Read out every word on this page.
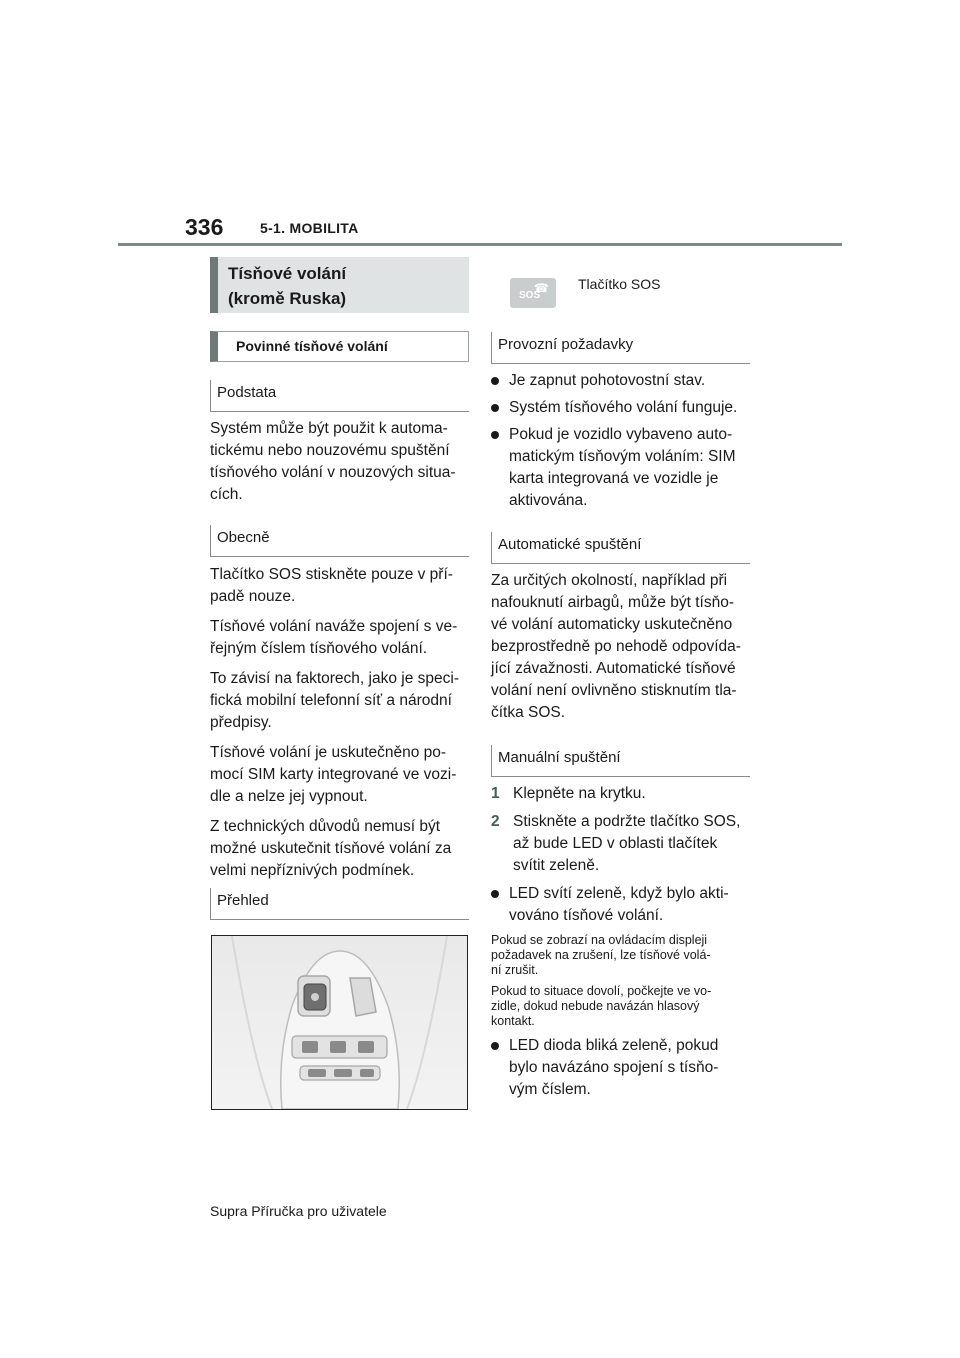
336	5-1. MOBILITA
Tísňové volání
(kromě Ruska)
Povinné tísňové volání
Podstata
Systém může být použit k automa-
tickému nebo nouzovému spuštění
tísňového volání v nouzových situa-
cích.
Obecně
Tlačítko SOS stiskněte pouze v pří-
padě nouze.
Tísňové volání naváže spojení s ve-
řejným číslem tísňového volání.
To závisí na faktorech, jako je speci-
fická mobilní telefonní síť a národní
předpisy.
Tísňové volání je uskutečněno po-
mocí SIM karty integrované ve vozi-
dle a nelze jej vypnout.
Z technických důvodů nemusí být
možné uskutečnit tísňové volání za
velmi nepříznivých podmínek.
Přehled
☎
SOS
Tlačítko SOS
Provozní požadavky
Je zapnut pohotovostní stav.
Systém tísňového volání funguje.
Pokud je vozidlo vybaveno auto-
matickým tísňovým voláním: SIM
karta integrovaná ve vozidle je
aktivována.
Automatické spuštění
Za určitých okolností, například při
nafouknutí airbagů, může být tísňo-
vé volání automaticky uskutečněno
bezprostředně po nehodě odpovída-
jící závažnosti. Automatické tísňové
volání není ovlivněno stisknutím tla-
čítka SOS.
Manuální spuštění
1 Klepněte na krytku.
2 Stiskněte a podržte tlačítko SOS,
až bude LED v oblasti tlačítek
svítit zeleně.
LED svítí zeleně, když bylo akti-
vováno tísňové volání.
Pokud se zobrazí na ovládacím displeji
požadavek na zrušení, lze tísňové volá-
ní zrušit.
Pokud to situace dovolí, počkejte ve vo-
zidle, dokud nebude navázán hlasový
kontakt.
LED dioda bliká zeleně, pokud
bylo navázáno spojení s tísňo-
vým číslem.
Supra Příručka pro uživatele
